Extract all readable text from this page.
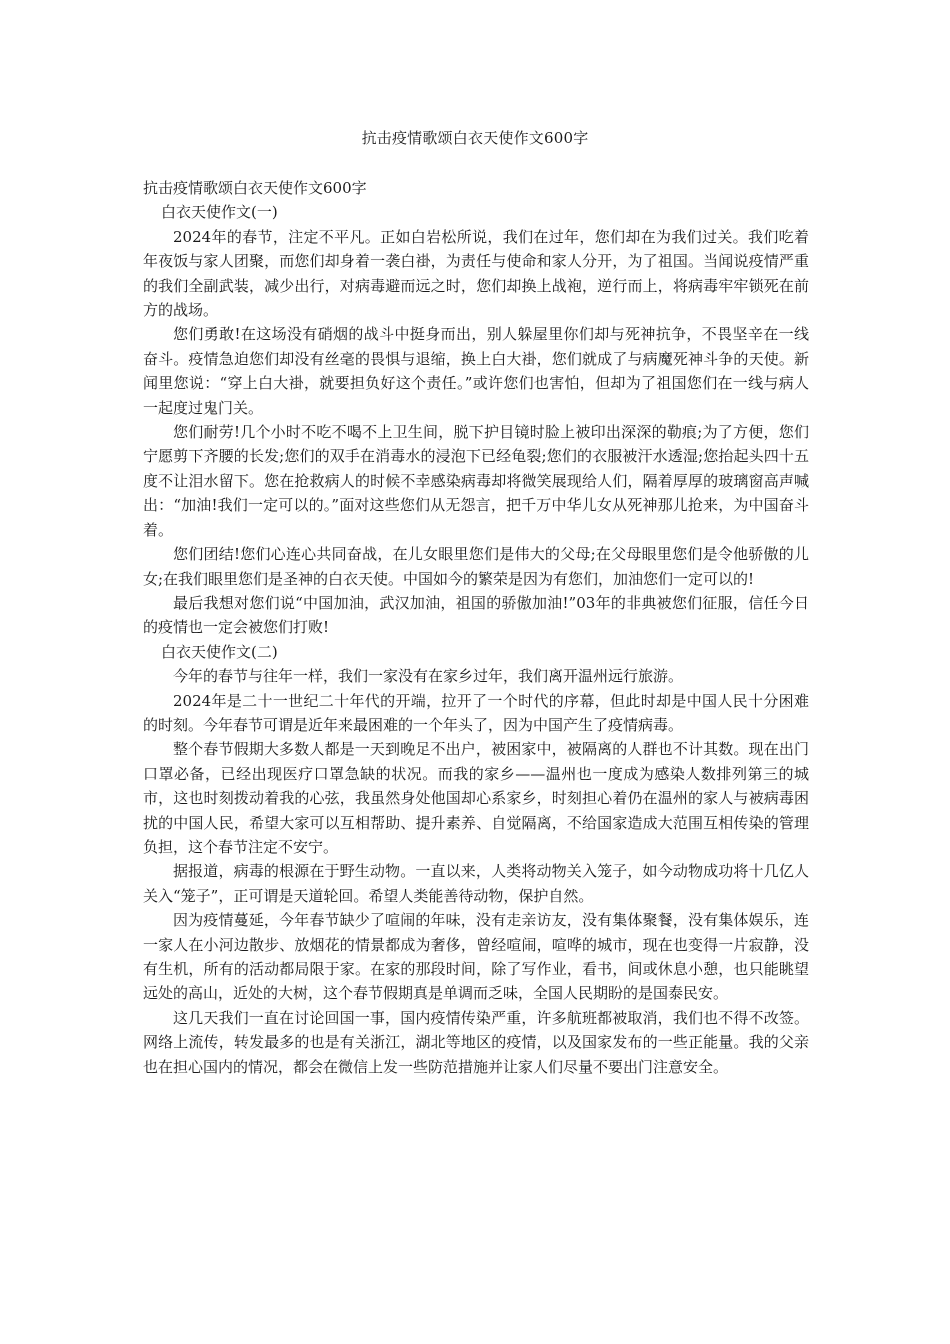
抗击疫情歌颂白衣天使作文600字

抗击疫情歌颂白衣天使作文600字

白衣天使作文(一)

2024年的春节，注定不平凡。正如白岩松所说，我们在过年，您们却在为我们过关。我们吃着年夜饭与家人团聚，而您们却身着一袭白褂，为责任与使命和家人分开，为了祖国。当闻说疫情严重的我们全副武装，减少出行，对病毒避而远之时，您们却换上战袍，逆行而上，将病毒牢牢锁死在前方的战场。

您们勇敢!在这场没有硝烟的战斗中挺身而出，别人躲屋里你们却与死神抗争，不畏坚辛在一线奋斗。疫情急迫您们却没有丝毫的畏惧与退缩，换上白大褂，您们就成了与病魔死神斗争的天使。新闻里您说：“穿上白大褂，就要担负好这个责任。”或许您们也害怕，但却为了祖国您们在一线与病人一起度过鬼门关。

您们耐劳!几个小时不吃不喝不上卫生间，脱下护目镜时脸上被印出深深的勒痕;为了方便，您们宁愿剪下齐腰的长发;您们的双手在消毒水的浸泡下已经龟裂;您们的衣服被汗水透湿;您抬起头四十五度不让泪水留下。您在抢救病人的时候不幸感染病毒却将微笑展现给人们，隔着厚厚的玻璃窗高声喊出：“加油!我们一定可以的。”面对这些您们从无怨言，把千万中华儿女从死神那儿抢来，为中国奋斗着。

您们团结!您们心连心共同奋战，在儿女眼里您们是伟大的父母;在父母眼里您们是令他骄傲的儿女;在我们眼里您们是圣神的白衣天使。中国如今的繁荣是因为有您们，加油您们一定可以的!

最后我想对您们说“中国加油，武汉加油，祖国的骄傲加油!”03年的非典被您们征服，信任今日的疫情也一定会被您们打败!

白衣天使作文(二)

今年的春节与往年一样，我们一家没有在家乡过年，我们离开温州远行旅游。

2024年是二十一世纪二十年代的开端，拉开了一个时代的序幕，但此时却是中国人民十分困难的时刻。今年春节可谓是近年来最困难的一个年头了，因为中国产生了疫情病毒。

整个春节假期大多数人都是一天到晚足不出户，被困家中，被隔离的人群也不计其数。现在出门口罩必备，已经出现医疗口罩急缺的状况。而我的家乡——温州也一度成为感染人数排列第三的城市，这也时刻拨动着我的心弦，我虽然身处他国却心系家乡，时刻担心着仍在温州的家人与被病毒困扰的中国人民，希望大家可以互相帮助、提升素养、自觉隔离，不给国家造成大范围互相传染的管理负担，这个春节注定不安宁。

据报道，病毒的根源在于野生动物。一直以来，人类将动物关入笼子，如今动物成功将十几亿人关入“笼子”，正可谓是天道轮回。希望人类能善待动物，保护自然。

因为疫情蔓延，今年春节缺少了喧闹的年味，没有走亲访友，没有集体聚餐，没有集体娱乐，连一家人在小河边散步、放烟花的情景都成为奢侈，曾经喧闹，喧哗的城市，现在也变得一片寂静，没有生机，所有的活动都局限于家。在家的那段时间，除了写作业，看书，间或休息小憩，也只能眺望远处的高山，近处的大树，这个春节假期真是单调而乏味，全国人民期盼的是国泰民安。

这几天我们一直在讨论回国一事，国内疫情传染严重，许多航班都被取消，我们也不得不改签。网络上流传，转发最多的也是有关浙江，湖北等地区的疫情，以及国家发布的一些正能量。我的父亲也在担心国内的情况，都会在微信上发一些防范措施并让家人们尽量不要出门注意安全。
